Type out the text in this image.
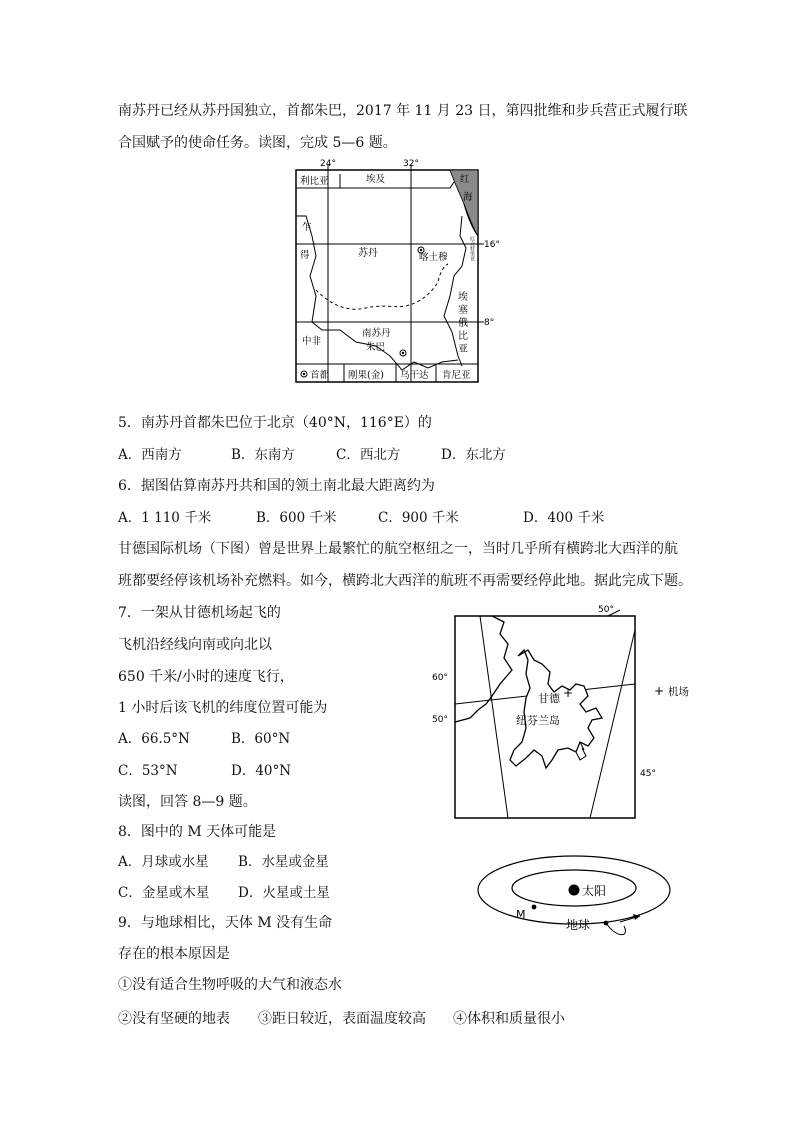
南苏丹已经从苏丹国独立，首都朱巴，2017 年 11 月 23 日，第四批维和步兵营正式履行联
合国赋予的使命任务。读图，完成 5—6 题。
24°	32°
16°
8°
利比亚	埃及	红
海
乍
得	苏丹	喀土穆	厄立特里亚
埃
塞
俄
比
亚
中非
南苏丹
朱巴
首都 刚果(金) 乌干达 肯尼亚
5．南苏丹首都朱巴位于北京（40°N，116°E）的
A．西南方	B．东南方	C．西北方	D．东北方
6．据图估算南苏丹共和国的领土南北最大距离约为
A．1 110 千米	B．600 千米	C．900 千米	D．400 千米
甘德国际机场（下图）曾是世界上最繁忙的航空枢纽之一，当时几乎所有横跨北大西洋的航
班都要经停该机场补充燃料。如今，横跨北大西洋的航班不再需要经停此地。据此完成下题。
7．一架从甘德机场起飞的
飞机沿经线向南或向北以
650 千米/小时的速度飞行，
1 小时后该飞机的纬度位置可能为
A．66.5°N	B．60°N
C．53°N	D．40°N
+	+
50°
60°
50°
45°
甘德
纽芬兰岛
机场
读图，回答 8—9 题。
8．图中的 M 天体可能是
A．月球或水星 B．水星或金星
C．金星或木星 D．火星或土星	太阳
M
地球
9．与地球相比，天体 M 没有生命
存在的根本原因是
①没有适合生物呼吸的大气和液态水
②没有坚硬的地表 ③距日较近，表面温度较高 ④体积和质量很小
